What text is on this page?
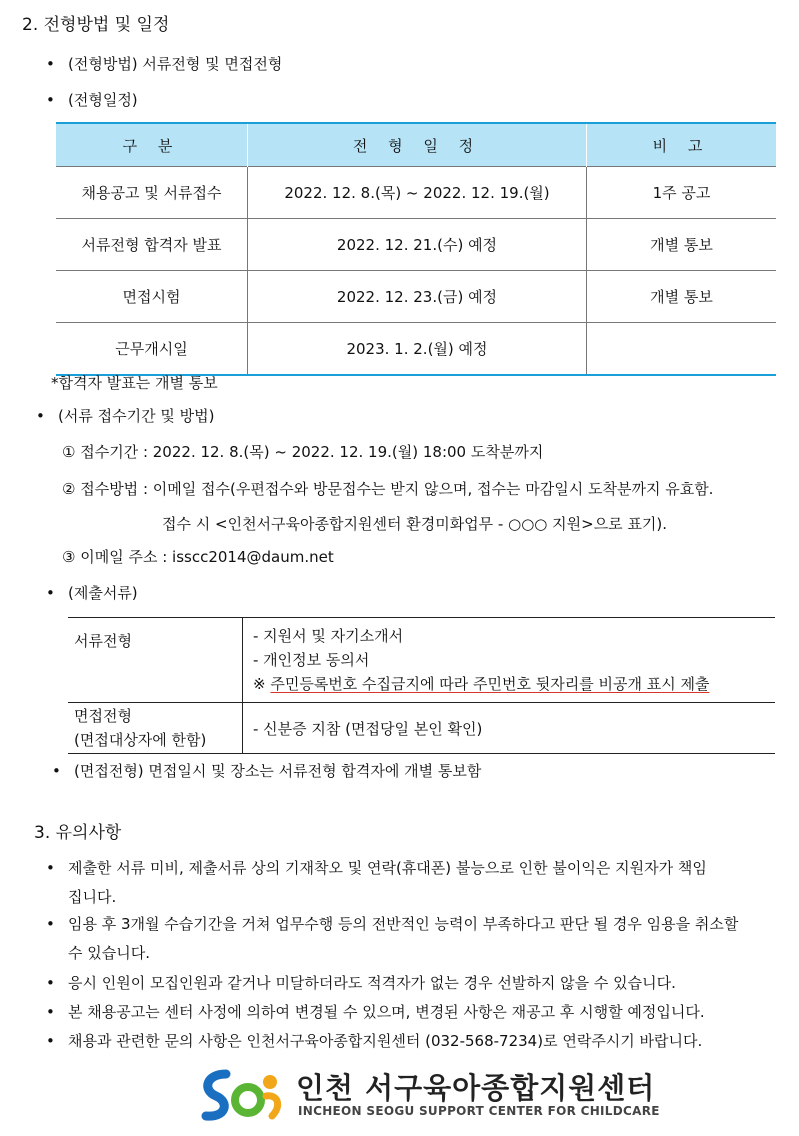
2. 전형방법 및 일정
• (전형방법) 서류전형 및 면접전형
• (전형일정)
구 분	전 형 일 정	비 고
채용공고 및 서류접수	2022. 12. 8.(목) ~ 2022. 12. 19.(월)	1주 공고
서류전형 합격자 발표	2022. 12. 21.(수) 예정	개별 통보
면접시험	2022. 12. 23.(금) 예정	개별 통보
근무개시일	2023. 1. 2.(월) 예정	
*합격자 발표는 개별 통보
• (서류 접수기간 및 방법)
① 접수기간 : 2022. 12. 8.(목) ~ 2022. 12. 19.(월) 18:00 도착분까지
② 접수방법 : 이메일 접수(우편접수와 방문접수는 받지 않으며, 접수는 마감일시 도착분까지 유효함.
접수 시 <인천서구육아종합지원센터 환경미화업무 - ○○○ 지원>으로 표기).
③ 이메일 주소 : isscc2014@daum.net
• (제출서류)
서류전형	- 지원서 및 자기소개서
- 개인정보 동의서
※ 주민등록번호 수집금지에 따라 주민번호 뒷자리를 비공개 표시 제출

면접전형
(면접대상자에 한함)	- 신분증 지참 (면접당일 본인 확인)
• (면접전형) 면접일시 및 장소는 서류전형 합격자에 개별 통보함
3. 유의사항
• 제출한 서류 미비, 제출서류 상의 기재착오 및 연락(휴대폰) 불능으로 인한 불이익은 지원자가 책임
집니다.
• 임용 후 3개월 수습기간을 거쳐 업무수행 등의 전반적인 능력이 부족하다고 판단 될 경우 임용을 취소할
수 있습니다.
• 응시 인원이 모집인원과 같거나 미달하더라도 적격자가 없는 경우 선발하지 않을 수 있습니다.
• 본 채용공고는 센터 사정에 의하여 변경될 수 있으며, 변경된 사항은 재공고 후 시행할 예정입니다.
• 채용과 관련한 문의 사항은 인천서구육아종합지원센터 (032-568-7234)로 연락주시기 바랍니다.
인천 서구육아종합지원센터
INCHEON SEOGU SUPPORT CENTER FOR CHILDCARE
